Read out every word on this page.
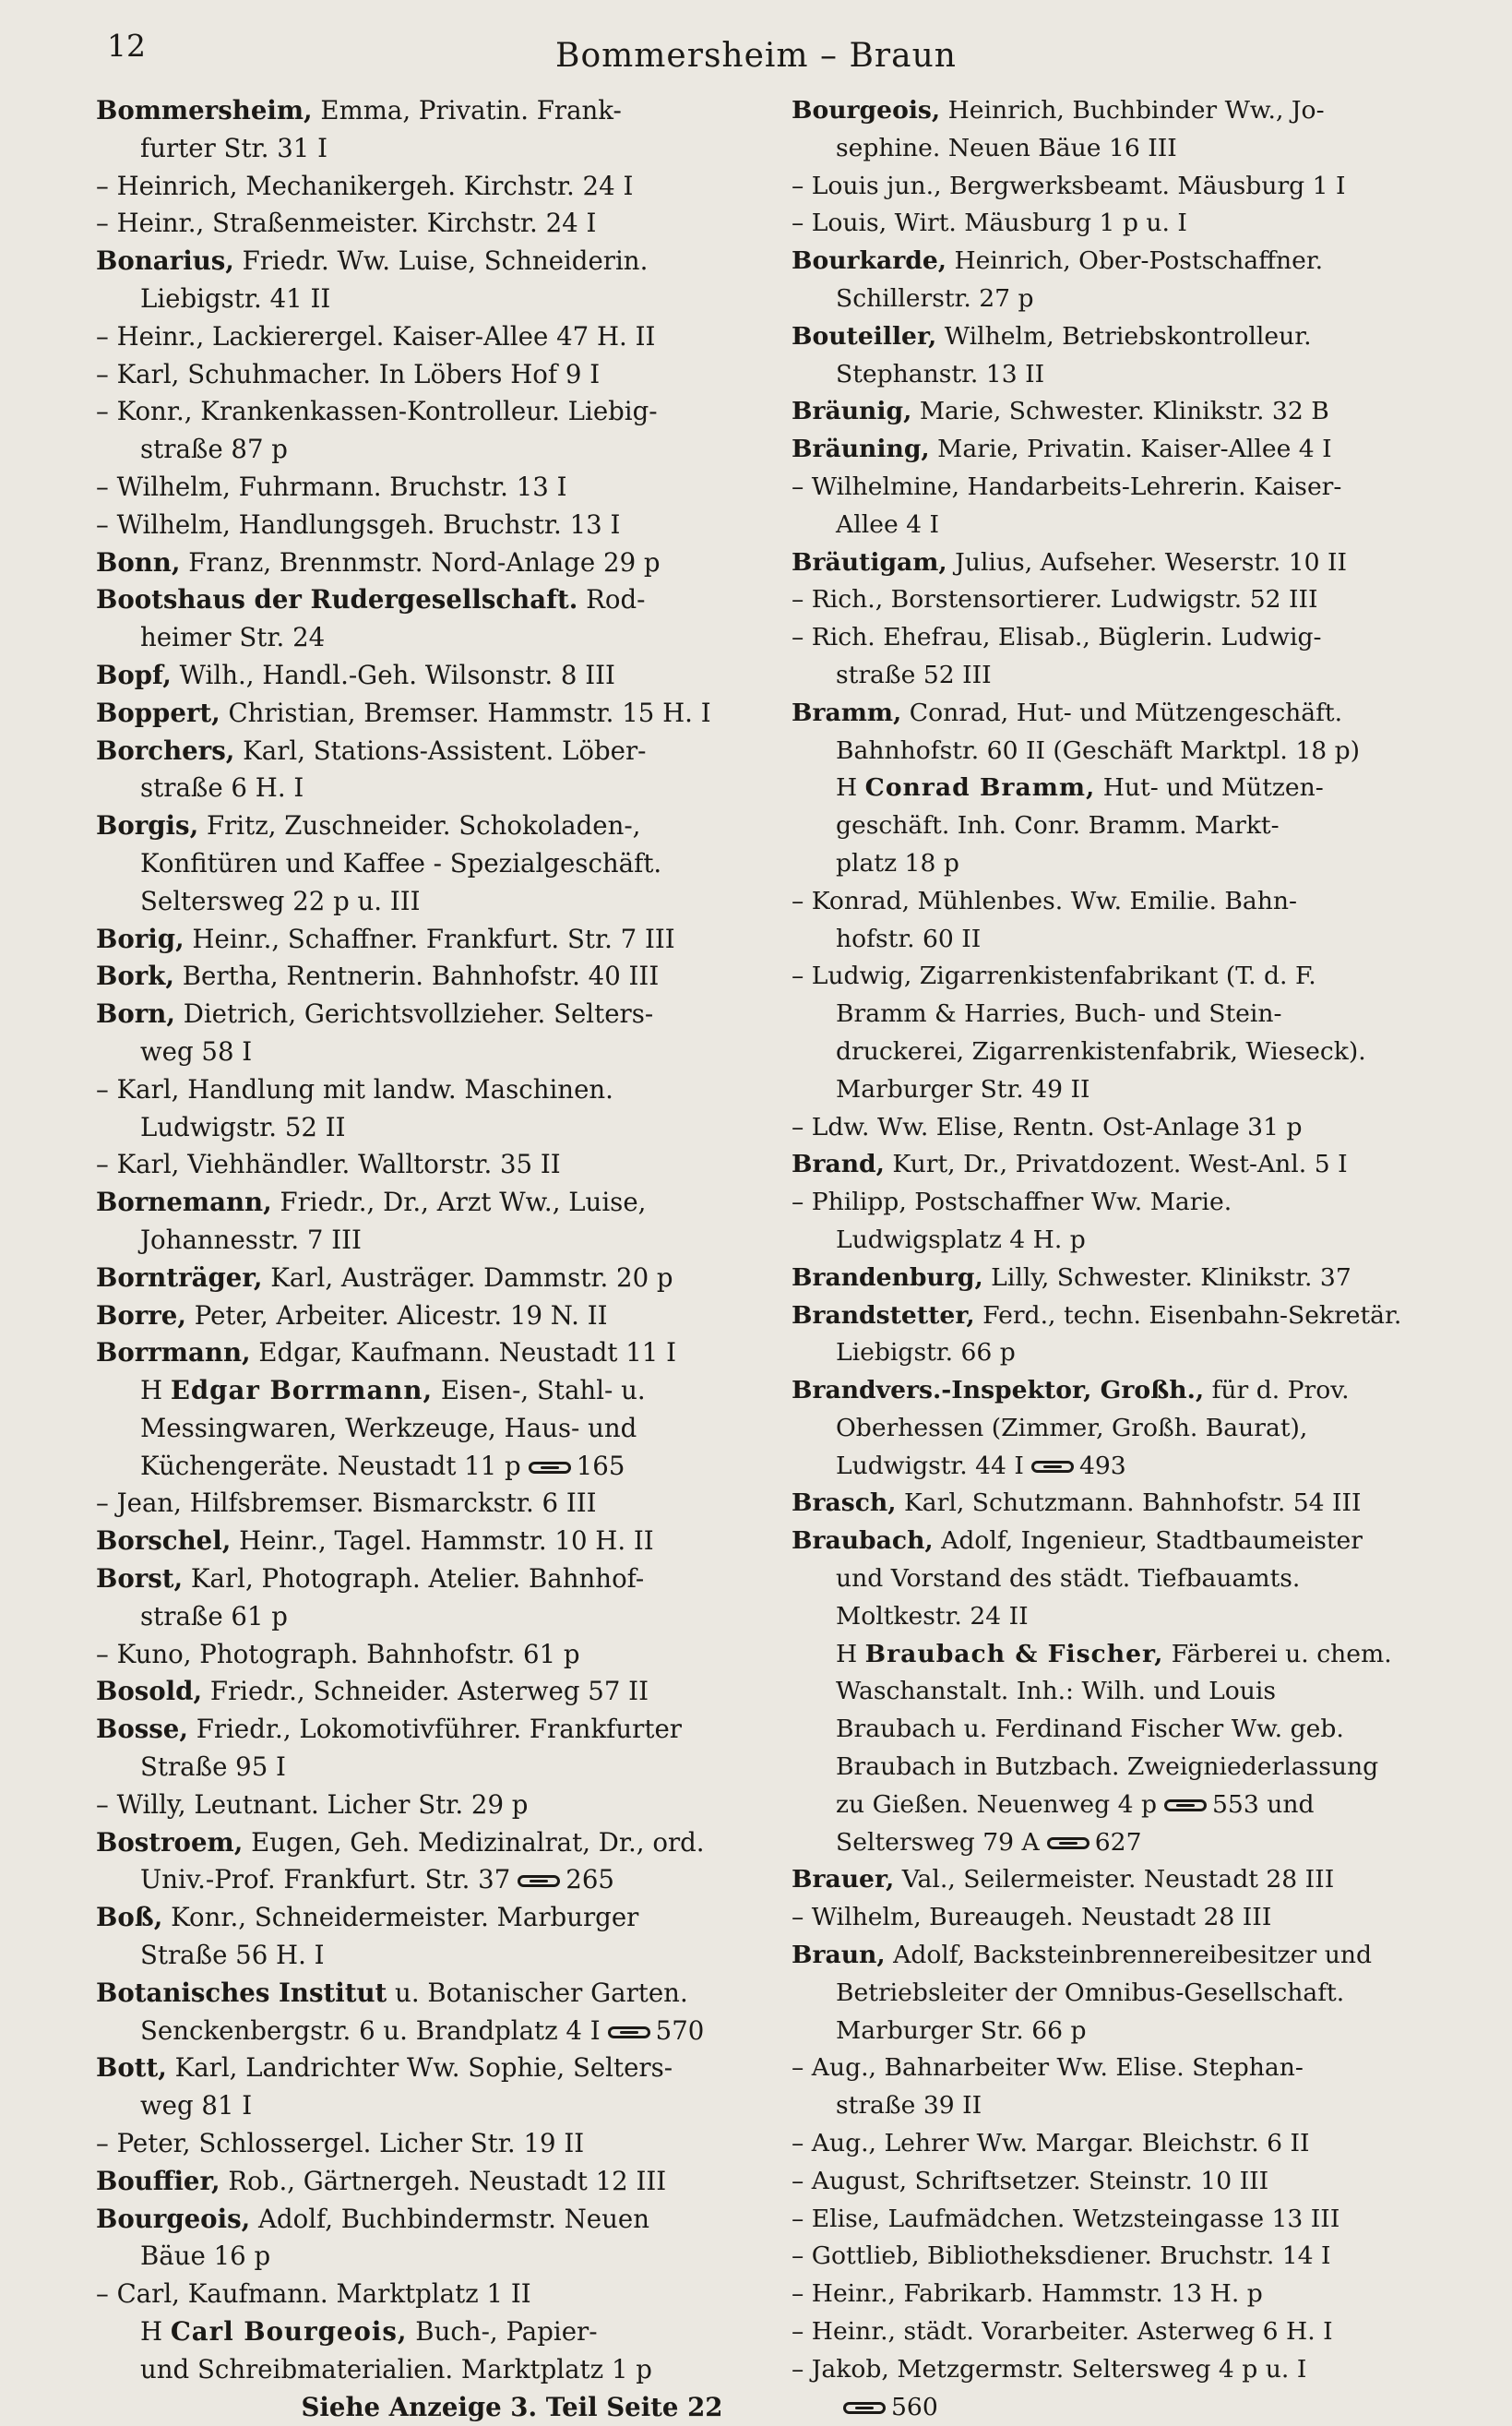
12	Bommersheim – Braun
Bommersheim, Emma, Privatin. Frank-
furter Str. 31 I
– Heinrich, Mechanikergeh. Kirchstr. 24 I
– Heinr., Straßenmeister. Kirchstr. 24 I
Bonarius, Friedr. Ww. Luise, Schneiderin.
Liebigstr. 41 II
– Heinr., Lackierergel. Kaiser-Allee 47 H. II
– Karl, Schuhmacher. In Löbers Hof 9 I
– Konr., Krankenkassen-Kontrolleur. Liebig-
straße 87 p
– Wilhelm, Fuhrmann. Bruchstr. 13 I
– Wilhelm, Handlungsgeh. Bruchstr. 13 I
Bonn, Franz, Brennmstr. Nord-Anlage 29 p
Bootshaus der Rudergesellschaft. Rod-
heimer Str. 24
Bopf, Wilh., Handl.-Geh. Wilsonstr. 8 III
Boppert, Christian, Bremser. Hammstr. 15 H. I
Borchers, Karl, Stations-Assistent. Löber-
straße 6 H. I
Borgis, Fritz, Zuschneider. Schokoladen-,
Konfitüren und Kaffee - Spezialgeschäft.
Seltersweg 22 p u. III
Borig, Heinr., Schaffner. Frankfurt. Str. 7 III
Bork, Bertha, Rentnerin. Bahnhofstr. 40 III
Born, Dietrich, Gerichtsvollzieher. Selters-
weg 58 I
– Karl, Handlung mit landw. Maschinen.
Ludwigstr. 52 II
– Karl, Viehhändler. Walltorstr. 35 II
Bornemann, Friedr., Dr., Arzt Ww., Luise,
Johannesstr. 7 III
Bornträger, Karl, Austräger. Dammstr. 20 p
Borre, Peter, Arbeiter. Alicestr. 19 N. II
Borrmann, Edgar, Kaufmann. Neustadt 11 I
H Edgar Borrmann, Eisen-, Stahl- u.
Messingwaren, Werkzeuge, Haus- und
Küchengeräte. Neustadt 11 p 165
– Jean, Hilfsbremser. Bismarckstr. 6 III
Borschel, Heinr., Tagel. Hammstr. 10 H. II
Borst, Karl, Photograph. Atelier. Bahnhof-
straße 61 p
– Kuno, Photograph. Bahnhofstr. 61 p
Bosold, Friedr., Schneider. Asterweg 57 II
Bosse, Friedr., Lokomotivführer. Frankfurter
Straße 95 I
– Willy, Leutnant. Licher Str. 29 p
Bostroem, Eugen, Geh. Medizinalrat, Dr., ord.
Univ.-Prof. Frankfurt. Str. 37 265
Boß, Konr., Schneidermeister. Marburger
Straße 56 H. I
Botanisches Institut u. Botanischer Garten.
Senckenbergstr. 6 u. Brandplatz 4 I 570
Bott, Karl, Landrichter Ww. Sophie, Selters-
weg 81 I
– Peter, Schlossergel. Licher Str. 19 II
Bouffier, Rob., Gärtnergeh. Neustadt 12 III
Bourgeois, Adolf, Buchbindermstr. Neuen
Bäue 16 p
– Carl, Kaufmann. Marktplatz 1 II
H Carl Bourgeois, Buch-, Papier-
und Schreibmaterialien. Marktplatz 1 p
Siehe Anzeige 3. Teil Seite 22
Bourgeois, Heinrich, Buchbinder Ww., Jo-
sephine. Neuen Bäue 16 III
– Louis jun., Bergwerksbeamt. Mäusburg 1 I
– Louis, Wirt. Mäusburg 1 p u. I
Bourkarde, Heinrich, Ober-Postschaffner.
Schillerstr. 27 p
Bouteiller, Wilhelm, Betriebskontrolleur.
Stephanstr. 13 II
Bräunig, Marie, Schwester. Klinikstr. 32 B
Bräuning, Marie, Privatin. Kaiser-Allee 4 I
– Wilhelmine, Handarbeits-Lehrerin. Kaiser-
Allee 4 I
Bräutigam, Julius, Aufseher. Weserstr. 10 II
– Rich., Borstensortierer. Ludwigstr. 52 III
– Rich. Ehefrau, Elisab., Büglerin. Ludwig-
straße 52 III
Bramm, Conrad, Hut- und Mützengeschäft.
Bahnhofstr. 60 II (Geschäft Marktpl. 18 p)
H Conrad Bramm, Hut- und Mützen-
geschäft. Inh. Conr. Bramm. Markt-
platz 18 p
– Konrad, Mühlenbes. Ww. Emilie. Bahn-
hofstr. 60 II
– Ludwig, Zigarrenkistenfabrikant (T. d. F.
Bramm & Harries, Buch- und Stein-
druckerei, Zigarrenkistenfabrik, Wieseck).
Marburger Str. 49 II
– Ldw. Ww. Elise, Rentn. Ost-Anlage 31 p
Brand, Kurt, Dr., Privatdozent. West-Anl. 5 I
– Philipp, Postschaffner Ww. Marie.
Ludwigsplatz 4 H. p
Brandenburg, Lilly, Schwester. Klinikstr. 37
Brandstetter, Ferd., techn. Eisenbahn-Sekretär.
Liebigstr. 66 p
Brandvers.-Inspektor, Großh., für d. Prov.
Oberhessen (Zimmer, Großh. Baurat),
Ludwigstr. 44 I 493
Brasch, Karl, Schutzmann. Bahnhofstr. 54 III
Braubach, Adolf, Ingenieur, Stadtbaumeister
und Vorstand des städt. Tiefbauamts.
Moltkestr. 24 II
H Braubach & Fischer, Färberei u. chem.
Waschanstalt. Inh.: Wilh. und Louis
Braubach u. Ferdinand Fischer Ww. geb.
Braubach in Butzbach. Zweigniederlassung
zu Gießen. Neuenweg 4 p 553 und
Seltersweg 79 A 627
Brauer, Val., Seilermeister. Neustadt 28 III
– Wilhelm, Bureaugeh. Neustadt 28 III
Braun, Adolf, Backsteinbrennereibesitzer und
Betriebsleiter der Omnibus-Gesellschaft.
Marburger Str. 66 p
– Aug., Bahnarbeiter Ww. Elise. Stephan-
straße 39 II
– Aug., Lehrer Ww. Margar. Bleichstr. 6 II
– August, Schriftsetzer. Steinstr. 10 III
– Elise, Laufmädchen. Wetzsteingasse 13 III
– Gottlieb, Bibliotheksdiener. Bruchstr. 14 I
– Heinr., Fabrikarb. Hammstr. 13 H. p
– Heinr., städt. Vorarbeiter. Asterweg 6 H. I
– Jakob, Metzgermstr. Seltersweg 4 p u. I
560
